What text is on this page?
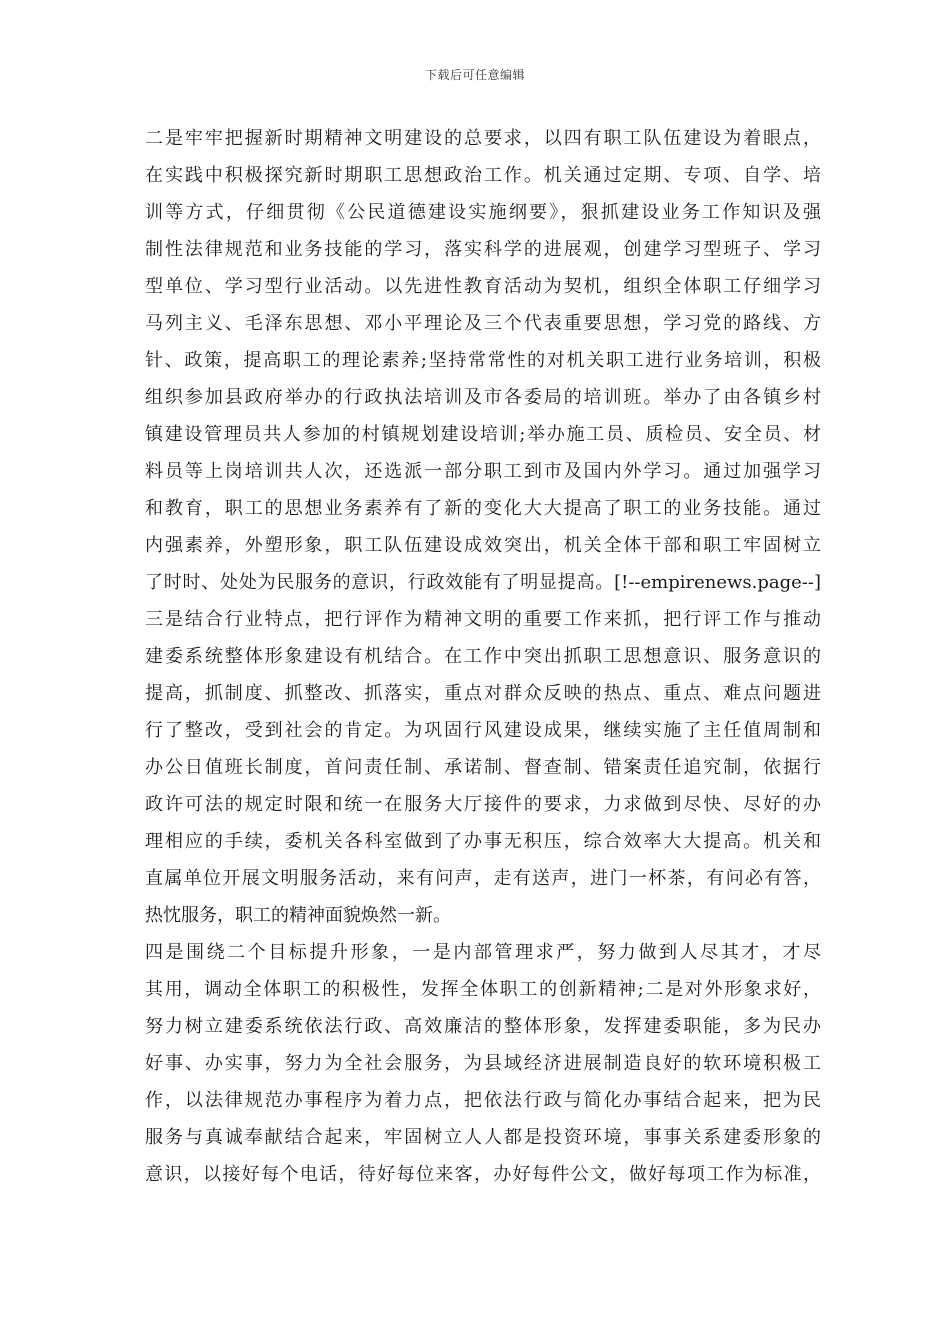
下载后可任意编辑
二是牢牢把握新时期精神文明建设的总要求，以四有职工队伍建设为着眼点，
在实践中积极探究新时期职工思想政治工作。机关通过定期、专项、自学、培
训等方式，仔细贯彻《公民道德建设实施纲要》，狠抓建设业务工作知识及强
制性法律规范和业务技能的学习，落实科学的进展观，创建学习型班子、学习
型单位、学习型行业活动。以先进性教育活动为契机，组织全体职工仔细学习
马列主义、毛泽东思想、邓小平理论及三个代表重要思想，学习党的路线、方
针、政策，提高职工的理论素养;坚持常常性的对机关职工进行业务培训，积极
组织参加县政府举办的行政执法培训及市各委局的培训班。举办了由各镇乡村
镇建设管理员共人参加的村镇规划建设培训;举办施工员、质检员、安全员、材
料员等上岗培训共人次，还选派一部分职工到市及国内外学习。通过加强学习
和教育，职工的思想业务素养有了新的变化大大提高了职工的业务技能。通过
内强素养，外塑形象，职工队伍建设成效突出，机关全体干部和职工牢固树立
了时时、处处为民服务的意识，行政效能有了明显提高。[!--empirenews.page--]
三是结合行业特点，把行评作为精神文明的重要工作来抓，把行评工作与推动
建委系统整体形象建设有机结合。在工作中突出抓职工思想意识、服务意识的
提高，抓制度、抓整改、抓落实，重点对群众反映的热点、重点、难点问题进
行了整改，受到社会的肯定。为巩固行风建设成果，继续实施了主任值周制和
办公日值班长制度，首问责任制、承诺制、督查制、错案责任追究制，依据行
政许可法的规定时限和统一在服务大厅接件的要求，力求做到尽快、尽好的办
理相应的手续，委机关各科室做到了办事无积压，综合效率大大提高。机关和
直属单位开展文明服务活动，来有问声，走有送声，进门一杯茶，有问必有答，
热忱服务，职工的精神面貌焕然一新。
四是围绕二个目标提升形象，一是内部管理求严，努力做到人尽其才，才尽
其用，调动全体职工的积极性，发挥全体职工的创新精神;二是对外形象求好，
努力树立建委系统依法行政、高效廉洁的整体形象，发挥建委职能，多为民办
好事、办实事，努力为全社会服务，为县域经济进展制造良好的软环境积极工
作，以法律规范办事程序为着力点，把依法行政与简化办事结合起来，把为民
服务与真诚奉献结合起来，牢固树立人人都是投资环境，事事关系建委形象的
意识，以接好每个电话，待好每位来客，办好每件公文，做好每项工作为标准，
